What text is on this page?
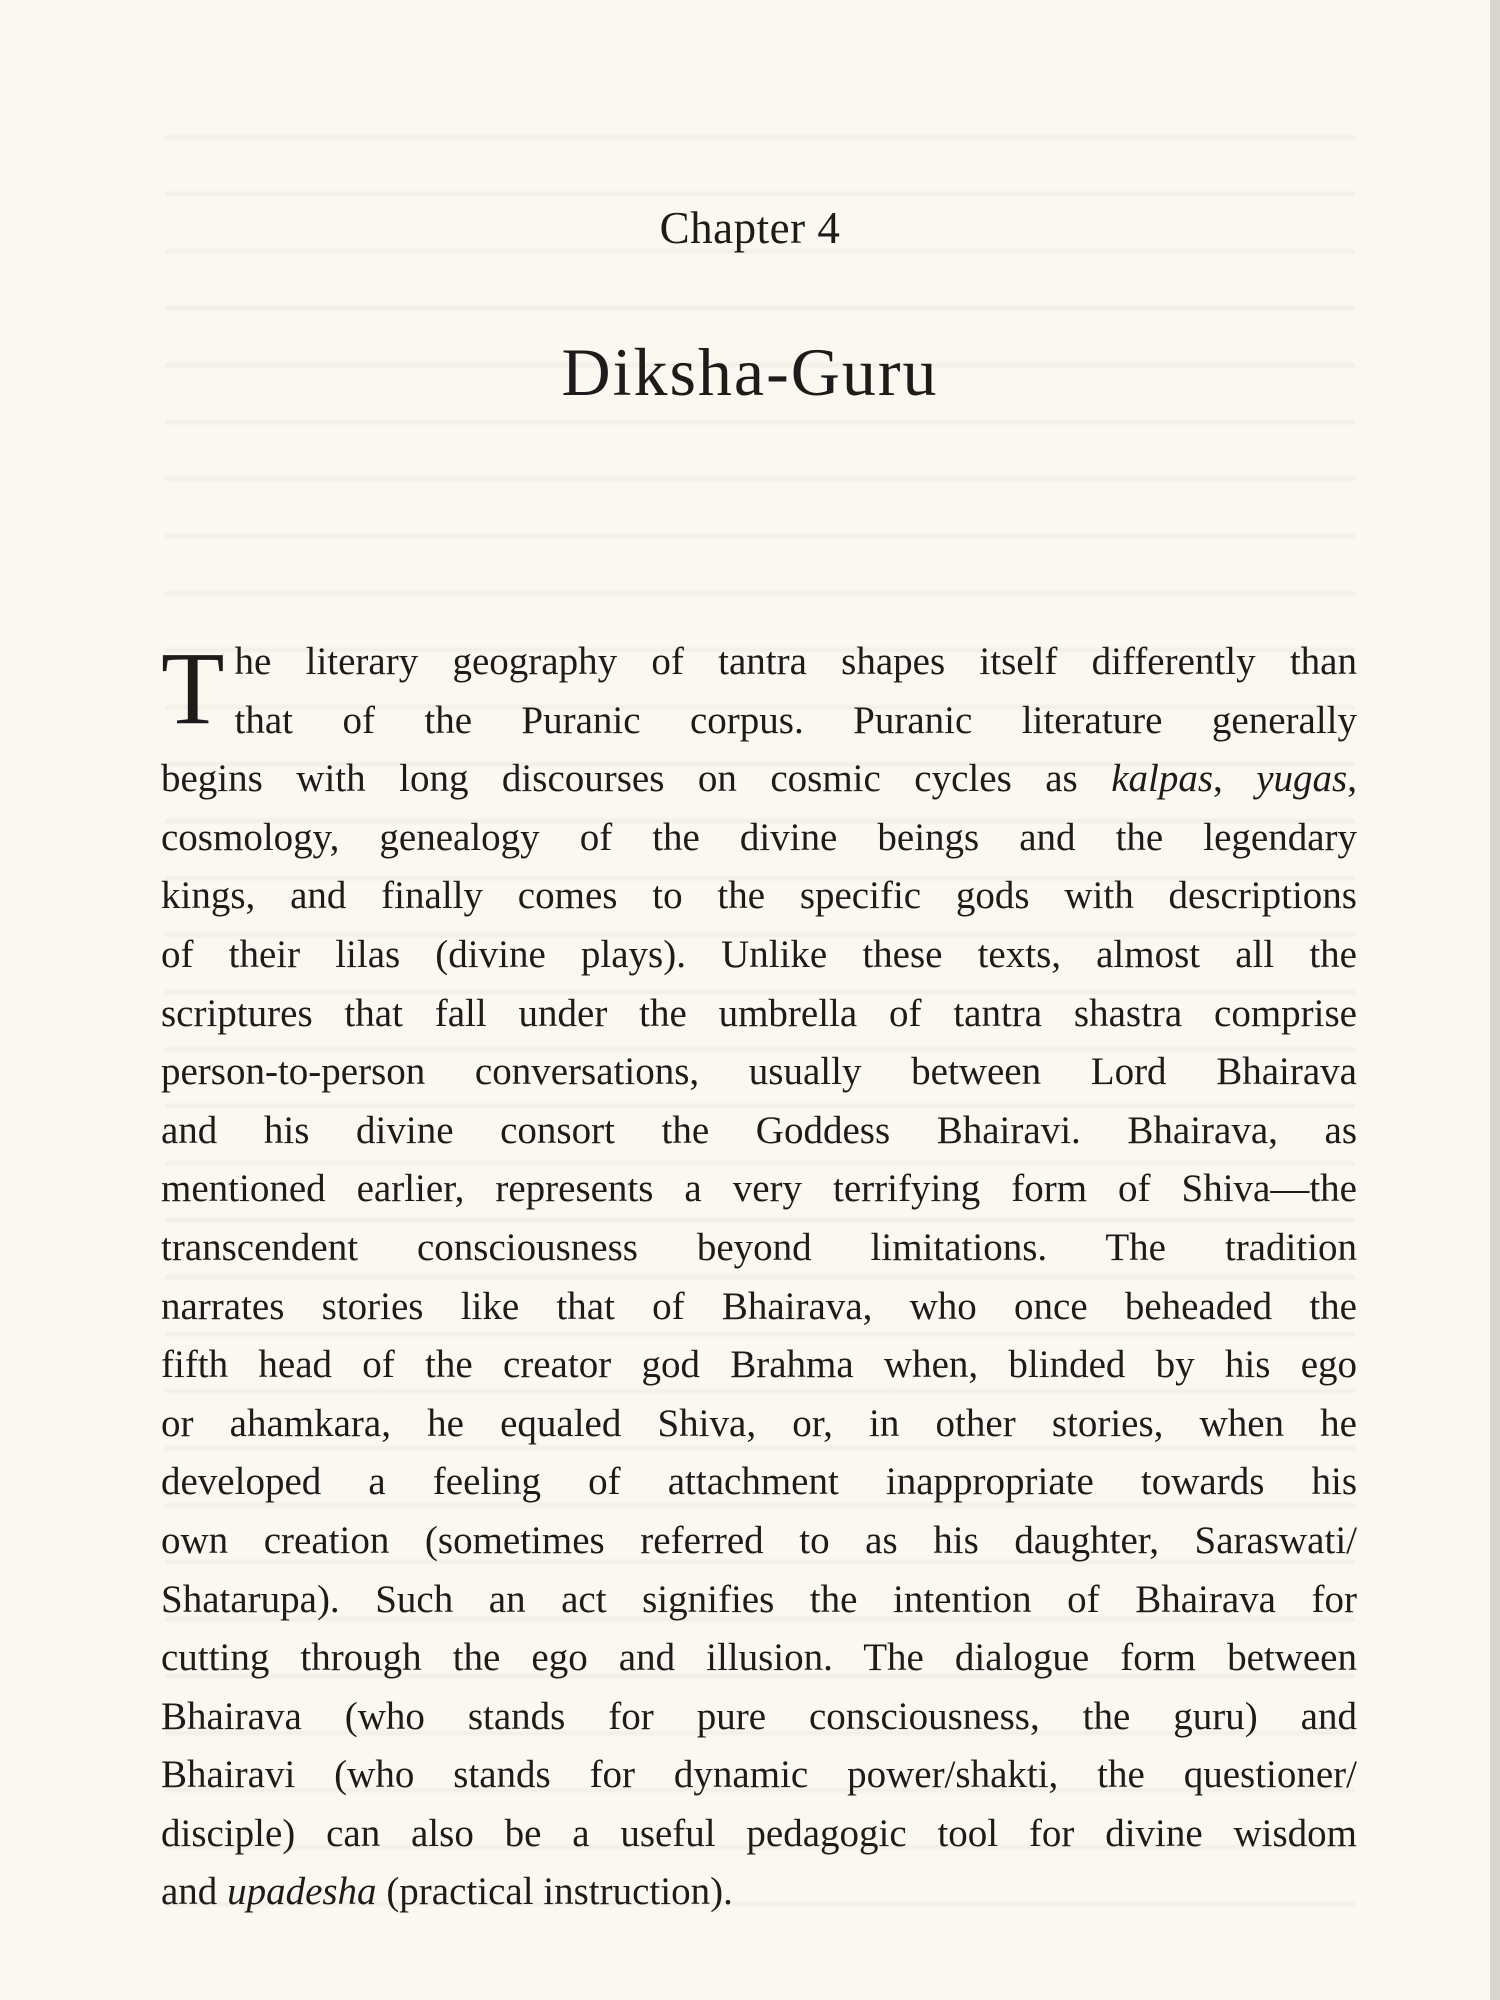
Chapter 4
Diksha-Guru
T he literary geography of tantra shapes itself differently than
that of the Puranic corpus. Puranic literature generally
begins with long discourses on cosmic cycles as kalpas, yugas,
cosmology, genealogy of the divine beings and the legendary
kings, and finally comes to the specific gods with descriptions
of their lilas (divine plays). Unlike these texts, almost all the
scriptures that fall under the umbrella of tantra shastra comprise
person-to-person conversations, usually between Lord Bhairava
and his divine consort the Goddess Bhairavi. Bhairava, as
mentioned earlier, represents a very terrifying form of Shiva—the
transcendent consciousness beyond limitations. The tradition
narrates stories like that of Bhairava, who once beheaded the
fifth head of the creator god Brahma when, blinded by his ego
or ahamkara, he equaled Shiva, or, in other stories, when he
developed a feeling of attachment inappropriate towards his
own creation (sometimes referred to as his daughter, Saraswati/
Shatarupa). Such an act signifies the intention of Bhairava for
cutting through the ego and illusion. The dialogue form between
Bhairava (who stands for pure consciousness, the guru) and
Bhairavi (who stands for dynamic power/shakti, the questioner/
disciple) can also be a useful pedagogic tool for divine wisdom
and upadesha (practical instruction).
